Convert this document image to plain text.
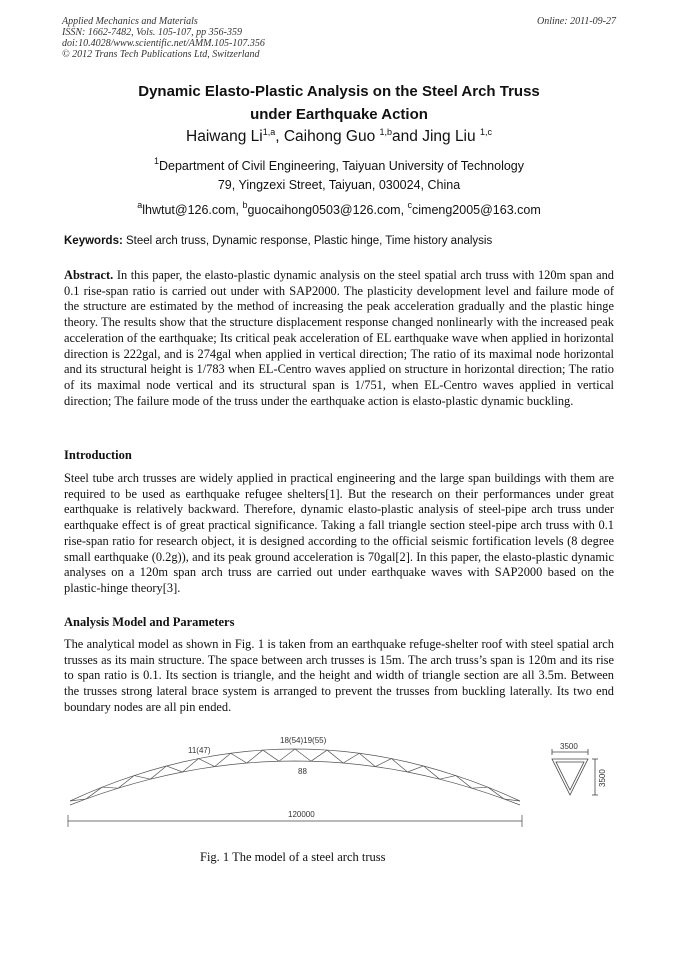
Applied Mechanics and Materials
ISSN: 1662-7482, Vols. 105-107, pp 356-359
doi:10.4028/www.scientific.net/AMM.105-107.356
© 2012 Trans Tech Publications Ltd, Switzerland
Online: 2011-09-27
Dynamic Elasto-Plastic Analysis on the Steel Arch Truss
under Earthquake Action
Haiwang Li$^{1,a}$, Caihong Guo $^{1,b}$and Jing Liu $^{1,c}$
$^1$Department of Civil Engineering, Taiyuan University of Technology
79, Yingzexi Street, Taiyuan, 030024, China
$^a$lhwtut@126.com, $^b$guocaihong0503@126.com, $^c$cimeng2005@163.com
Keywords: Steel arch truss, Dynamic response, Plastic hinge, Time history analysis
Abstract. In this paper, the elasto-plastic dynamic analysis on the steel spatial arch truss with 120m span and 0.1 rise-span ratio is carried out under with SAP2000. The plasticity development level and failure mode of the structure are estimated by the method of increasing the peak acceleration gradually and the plastic hinge theory. The results show that the structure displacement response changed nonlinearly with the increased peak acceleration of the earthquake; Its critical peak acceleration of EL earthquake wave when applied in horizontal direction is 222gal, and is 274gal when applied in vertical direction; The ratio of its maximal node horizontal and its structural height is 1/783 when EL-Centro waves applied on structure in horizontal direction; The ratio of its maximal node vertical and its structural span is 1/751, when EL-Centro waves applied in vertical direction; The failure mode of the truss under the earthquake action is elasto-plastic dynamic buckling.
Introduction
Steel tube arch trusses are widely applied in practical engineering and the large span buildings with them are required to be used as earthquake refugee shelters[1]. But the research on their performances under great earthquake is relatively backward. Therefore, dynamic elasto-plastic analysis of steel-pipe arch truss under earthquake effect is of great practical significance. Taking a fall triangle section steel-pipe arch truss with 0.1 rise-span ratio for research object, it is designed according to the official seismic fortification levels (8 degree small earthquake (0.2g)), and its peak ground acceleration is 70gal[2]. In this paper, the elasto-plastic dynamic analyses on a 120m span arch truss are carried out under earthquake waves with SAP2000 based on the plastic-hinge theory[3].
Analysis Model and Parameters
The analytical model as shown in Fig. 1 is taken from an earthquake refuge-shelter roof with steel spatial arch trusses as its main structure. The space between arch trusses is 15m. The arch truss’s span is 120m and its rise to span ratio is 0.1. Its section is triangle, and the height and width of triangle section are all 3.5m. Between the trusses strong lateral brace system is arranged to prevent the trusses from buckling laterally. Its two end boundary nodes are all pin ended.
18(54)19(55)
11(47)
88
120000
3500
3500
Fig. 1 The model of a steel arch truss
